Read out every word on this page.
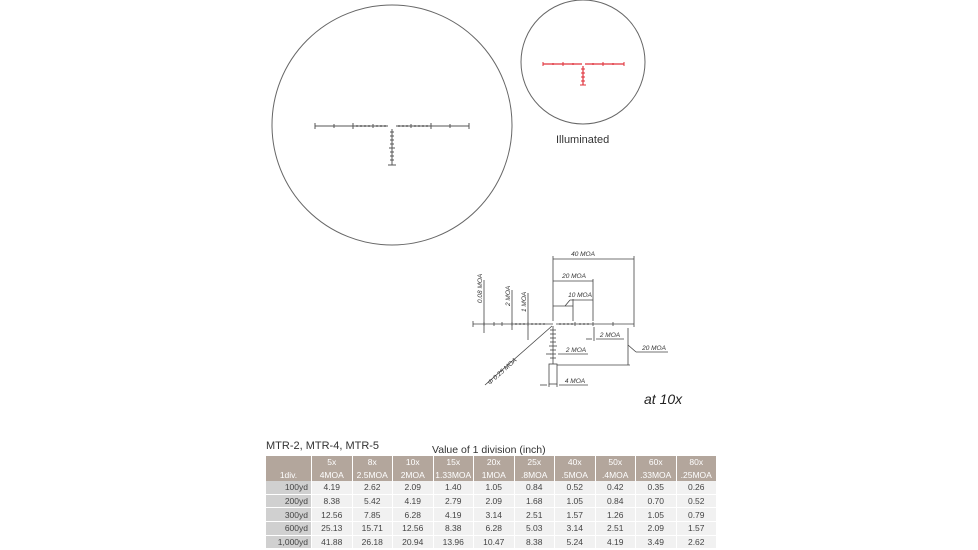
40 MOA
20 MOA
10 MOA
2 MOA
20 MOA
2 MOA
4 MOA
0.08 MOA	2 MOA 1 MOA
Φ 0.25 MOA
Illuminated
at 10x
MTR-2, MTR-4, MTR-5	Value of 1 division (inch)
	5x	8x	10x	15x	20x	25x	40x	50x	60x	80x
1div.	4MOA	2.5MOA	2MOA	1.33MOA	1MOA	.8MOA	.5MOA	.4MOA	.33MOA	.25MOA
100yd	4.19	2.62	2.09	1.40	1.05	0.84	0.52	0.42	0.35	0.26
200yd	8.38	5.42	4.19	2.79	2.09	1.68	1.05	0.84	0.70	0.52
300yd	12.56	7.85	6.28	4.19	3.14	2.51	1.57	1.26	1.05	0.79
600yd	25.13	15.71	12.56	8.38	6.28	5.03	3.14	2.51	2.09	1.57
1,000yd	41.88	26.18	20.94	13.96	10.47	8.38	5.24	4.19	3.49	2.62
